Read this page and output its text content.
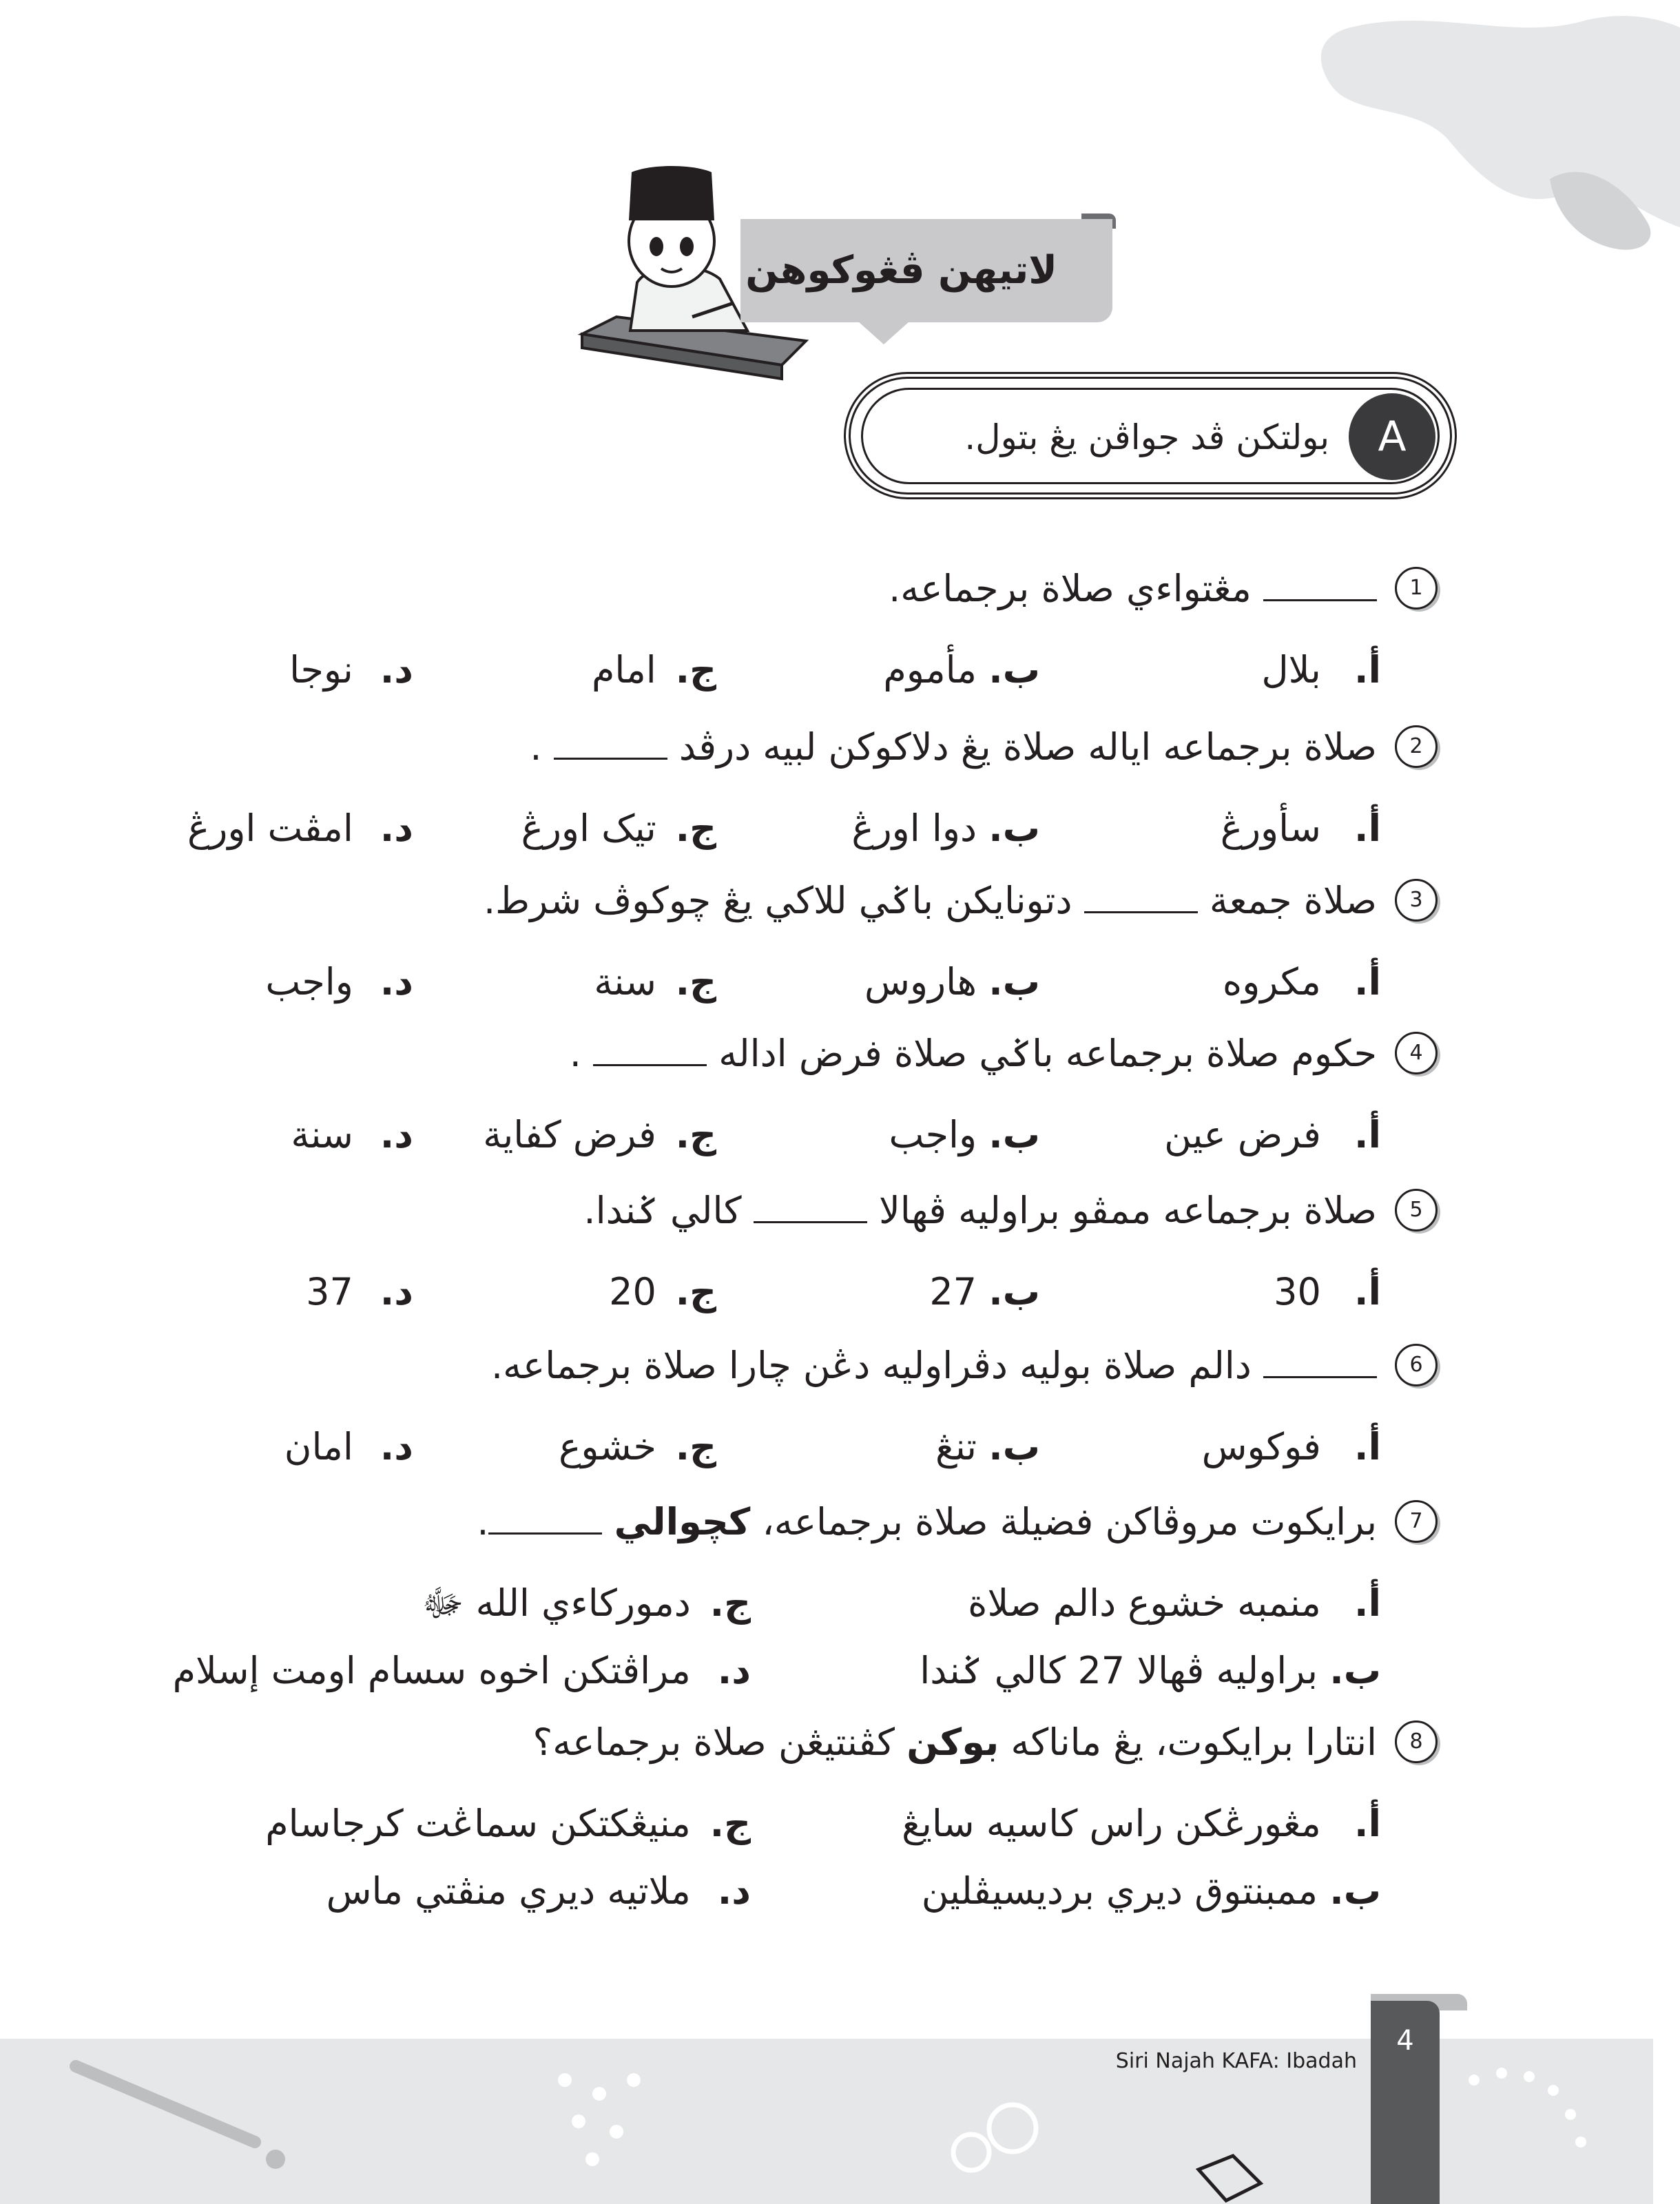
لاتيهن ڤڠوکوهن
A
بولتکن ڤد جواڤن يڠ بتول.
1
مڠتواءي صلاة برجماعه.
أ. بلال
ب. مأموم
ج. امام
د. نوجا
2
صلاة برجماعه اياله صلاة يڠ دلاکوکن لبيه درڤد  .
أ. سأورڠ
ب. دوا اورڠ
ج. تيک اورڠ
د. امڤت اورڠ
3
صلاة جمعة  دتونايکن باݢي للاکي يڠ چوکوڤ شرط.
أ. مکروه
ب. هاروس
ج. سنة
د. واجب
4
حکوم صلاة برجماعه باݢي صلاة فرض اداله  .
أ. فرض عين
ب. واجب
ج. فرض کفاية
د. سنة
5
صلاة برجماعه ممڤو براوليه ڤهالا  کالي ݢندا.
أ. 30
ب. 27
ج. 20
د. 37
6
دالم صلاة بوليه دڤراوليه دڠن چارا صلاة برجماعه.
أ. فوکوس
ب. تنڠ
ج. خشوع
د. امان
7
برايکوت مروڤاکن فضيلة صلاة برجماعه، کچوالي .
أ. منمبه خشوع دالم صلاة
ج. دموركاءي الله ﷻ
ب. براوليه ڤهالا 27 کالي ݢندا
د. مراڤتکن اخوه سسام اومت إسلام
8
انتارا برايکوت، يڠ ماناکه بوکن کڤنتيڠن صلاة برجماعه؟
أ. مڠورڠکن راس کاسيه سايڠ
ج. منيڠکتکن سماڠت کرجاسام
ب. ممبنتوق ديري برديسيڤلين
د. ملاتيه ديري منڤتي ماس
4
Siri Najah KAFA: Ibadah
